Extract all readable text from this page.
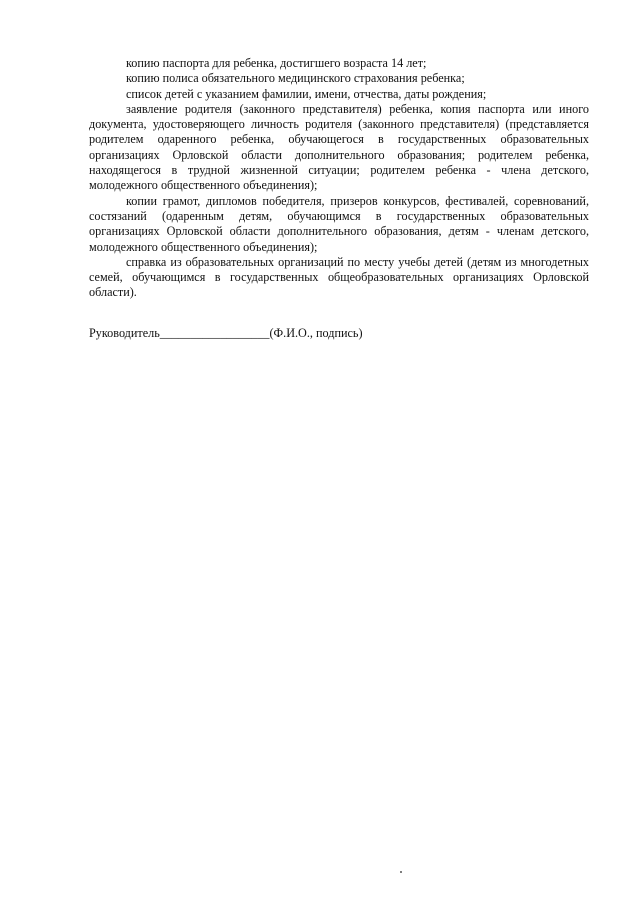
копию паспорта для ребенка, достигшего возраста 14 лет;

копию полиса обязательного медицинского страхования ребенка;

список детей с указанием фамилии, имени, отчества, даты рождения;

заявление родителя (законного представителя) ребенка, копия паспорта или иного документа, удостоверяющего личность родителя (законного представителя) (представляется родителем одаренного ребенка, обучающегося в государственных образовательных организациях Орловской области дополнительного образования; родителем ребенка, находящегося в трудной жизненной ситуации; родителем ребенка - члена детского, молодежного общественного объединения);

копии грамот, дипломов победителя, призеров конкурсов, фестивалей, соревнований, состязаний (одаренным детям, обучающимся в государственных образовательных организациях Орловской области дополнительного образования, детям - членам детского, молодежного общественного объединения);

справка из образовательных организаций по месту учебы детей (детям из многодетных семей, обучающимся в государственных общеобразовательных организациях Орловской области).

Руководитель__________________(Ф.И.О., подпись)
